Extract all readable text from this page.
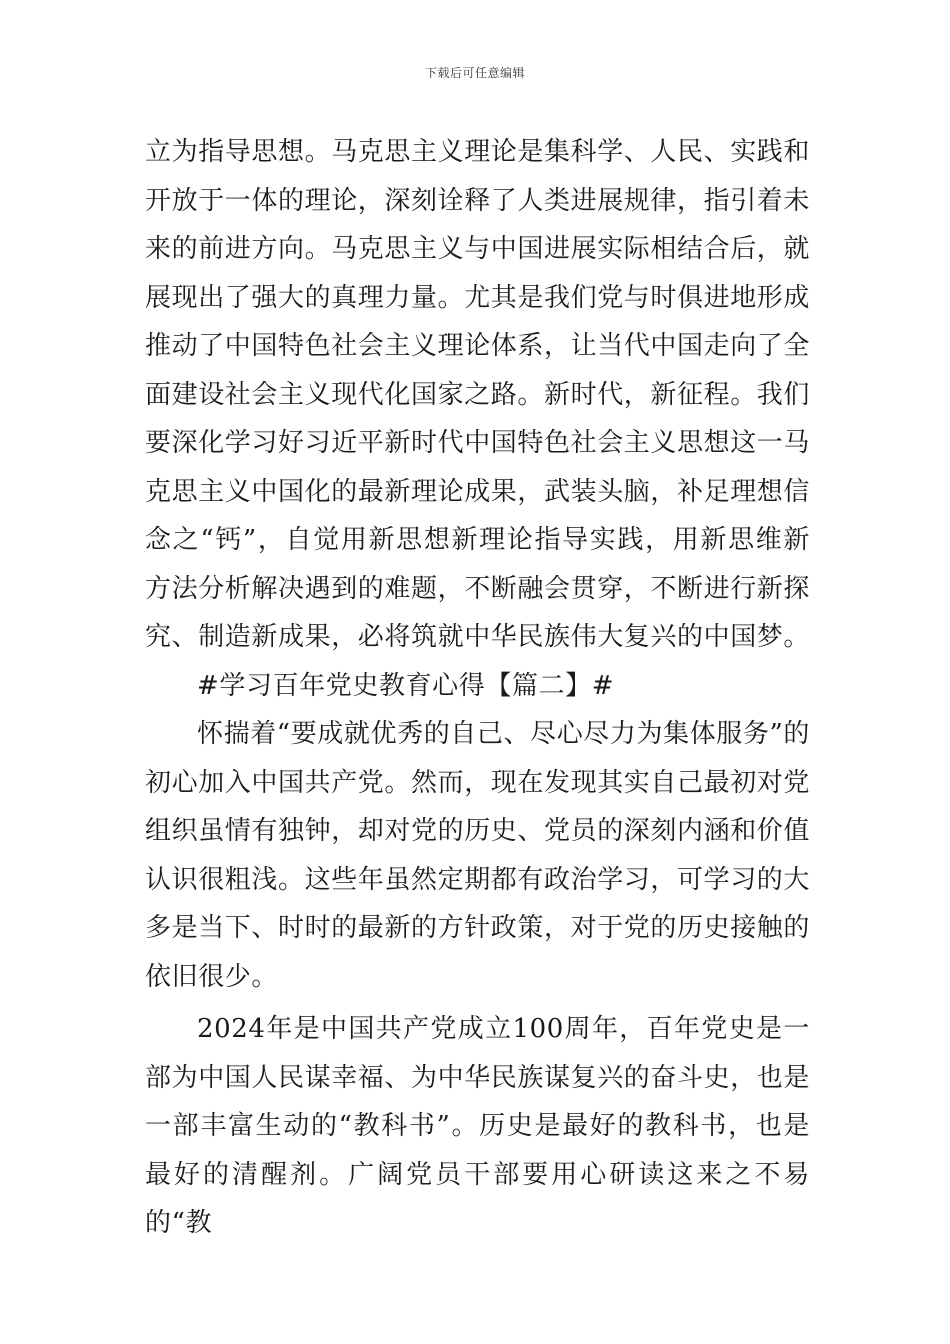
下载后可任意编辑

立为指导思想。马克思主义理论是集科学、人民、实践和开放于一体的理论，深刻诠释了人类进展规律，指引着未来的前进方向。马克思主义与中国进展实际相结合后，就展现出了强大的真理力量。尤其是我们党与时俱进地形成推动了中国特色社会主义理论体系，让当代中国走向了全面建设社会主义现代化国家之路。新时代，新征程。我们要深化学习好习近平新时代中国特色社会主义思想这一马克思主义中国化的最新理论成果，武装头脑，补足理想信念之“钙”，自觉用新思想新理论指导实践，用新思维新方法分析解决遇到的难题，不断融会贯穿，不断进行新探究、制造新成果，必将筑就中华民族伟大复兴的中国梦。

#学习百年党史教育心得【篇二】#

怀揣着“要成就优秀的自己、尽心尽力为集体服务”的初心加入中国共产党。然而，现在发现其实自己最初对党组织虽情有独钟，却对党的历史、党员的深刻内涵和价值认识很粗浅。这些年虽然定期都有政治学习，可学习的大多是当下、时时的最新的方针政策，对于党的历史接触的依旧很少。

2024年是中国共产党成立100周年，百年党史是一部为中国人民谋幸福、为中华民族谋复兴的奋斗史，也是一部丰富生动的“教科书”。历史是最好的教科书，也是最好的清醒剂。广阔党员干部要用心研读这来之不易的“教
